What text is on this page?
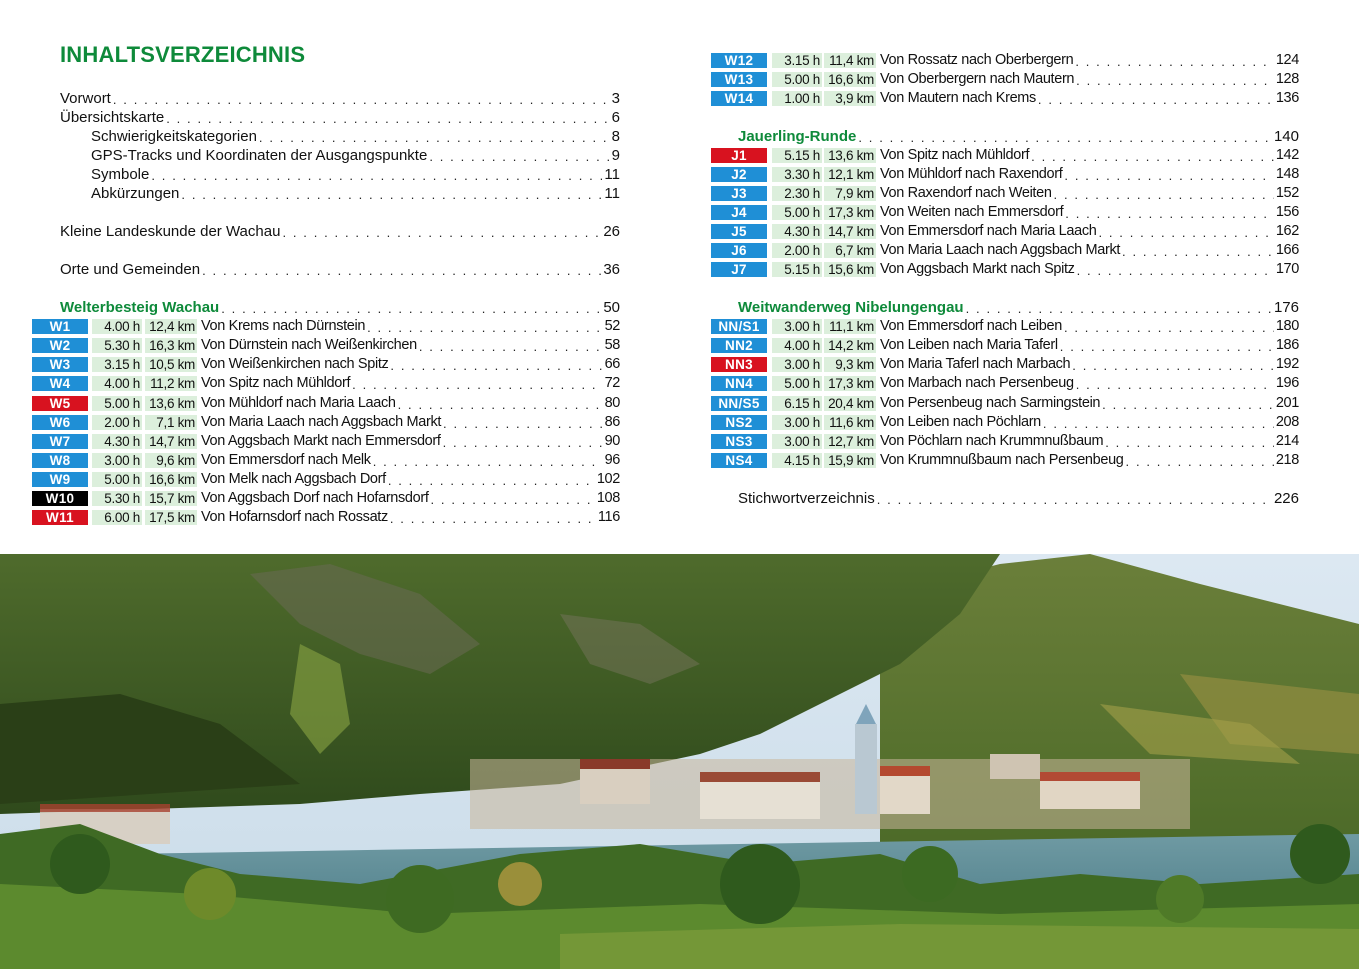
INHALTSVERZEICHNIS
Vorwort . . .	3
Übersichtskarte . . .	6
Schwierigkeitskategorien . . .	8
GPS-Tracks und Koordinaten der Ausgangspunkte . . .	9
Symbole . . .	11
Abkürzungen . . .	11
Kleine Landeskunde der Wachau . . .	26
Orte und Gemeinden . . .	36
Welterbesteig Wachau . . .	50
Jauerling-Runde . . .	140
Weitwanderweg Nibelungengau . . .	176
Stichwortverzeichnis . . .	226
W1	4.00 h 12,4 km Von Krems nach Dürnstein . . .	52
W2	5.30 h 16,3 km Von Dürnstein nach Weißenkirchen . . .	58
W3	3.15 h 10,5 km Von Weißenkirchen nach Spitz . . .	66
W4	4.00 h 11,2 km Von Spitz nach Mühldorf . . .	72
W5	5.00 h 13,6 km Von Mühldorf nach Maria Laach . . .	80
W6	2.00 h	7,1 km Von Maria Laach nach Aggsbach Markt . . .	86
W7	4.30 h 14,7 km Von Aggsbach Markt nach Emmersdorf . . .	90
W8	3.00 h	9,6 km Von Emmersdorf nach Melk . . .	96
W9	5.00 h 16,6 km Von Melk nach Aggsbach Dorf . . .	102
W10	5.30 h 15,7 km Von Aggsbach Dorf nach Hofarnsdorf . . .	108
W11	6.00 h 17,5 km Von Hofarnsdorf nach Rossatz . . .	116
W12	3.15 h 11,4 km Von Rossatz nach Oberbergern . . .	124
W13	5.00 h 16,6 km Von Oberbergern nach Mautern . . .	128
W14	1.00 h	3,9 km Von Mautern nach Krems . . .	136
J1	5.15 h 13,6 km Von Spitz nach Mühldorf . . .	142
J2	3.30 h 12,1 km Von Mühldorf nach Raxendorf . . .	148
J3	2.30 h	7,9 km Von Raxendorf nach Weiten . . .	152
J4	5.00 h 17,3 km Von Weiten nach Emmersdorf . . .	156
J5	4.30 h 14,7 km Von Emmersdorf nach Maria Laach . . .	162
J6	2.00 h	6,7 km Von Maria Laach nach Aggsbach Markt . . .	166
J7	5.15 h 15,6 km Von Aggsbach Markt nach Spitz . . .	170
NN/S1	3.00 h 11,1 km Von Emmersdorf nach Leiben . . .	180
NN2	4.00 h 14,2 km Von Leiben nach Maria Taferl . . .	186
NN3	3.00 h	9,3 km Von Maria Taferl nach Marbach . . .	192
NN4	5.00 h 17,3 km Von Marbach nach Persenbeug . . .	196
NN/S5	6.15 h 20,4 km Von Persenbeug nach Sarmingstein . . .	201
NS2	3.00 h 11,6 km Von Leiben nach Pöchlarn . . .	208
NS3	3.00 h 12,7 km Von Pöchlarn nach Krummnußbaum . . .	214
NS4	4.15 h 15,9 km Von Krummnußbaum nach Persenbeug . . .	218
